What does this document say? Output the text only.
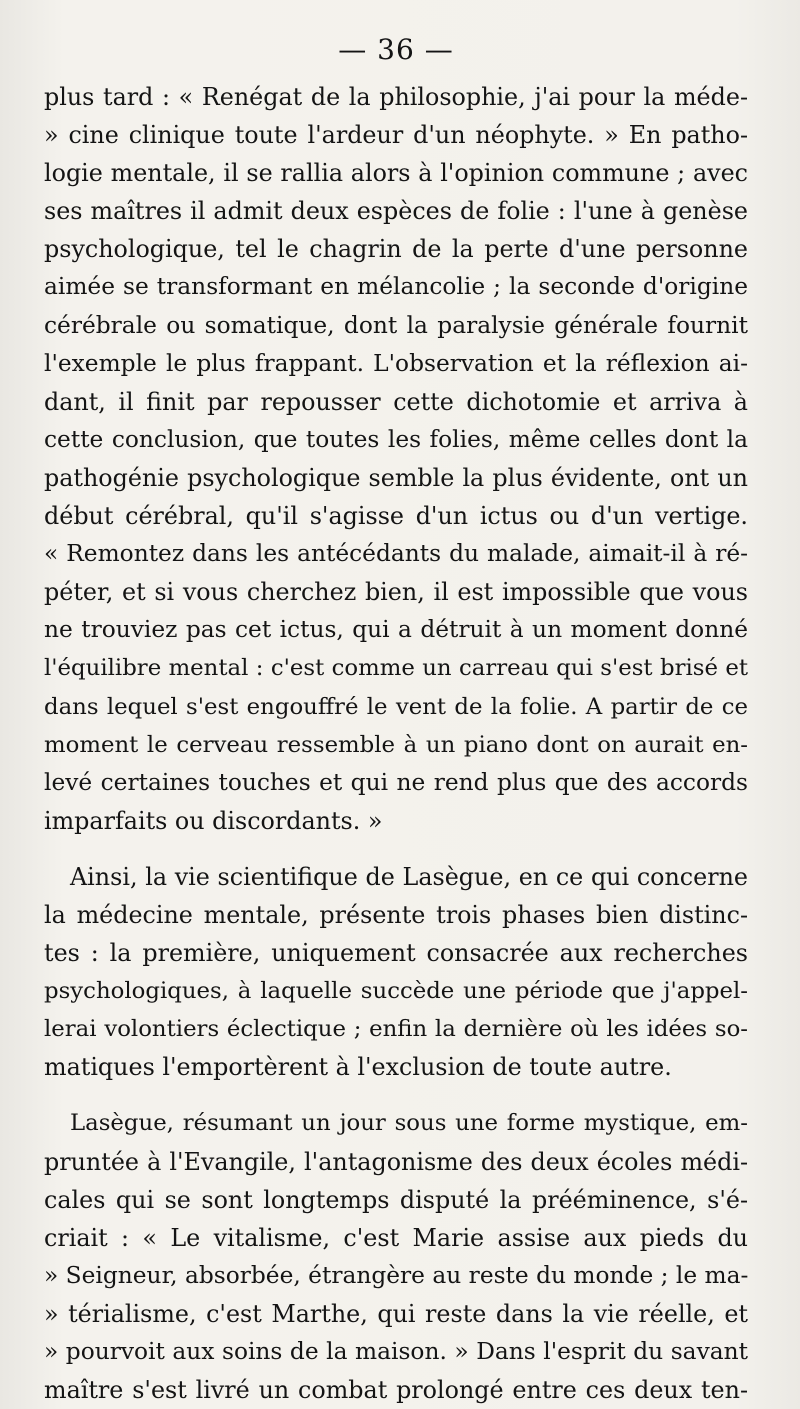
— 36 —
plus tard : « Renégat de la philosophie, j'ai pour la méde-
» cine clinique toute l'ardeur d'un néophyte. » En patho-
logie mentale, il se rallia alors à l'opinion commune ; avec
ses maîtres il admit deux espèces de folie : l'une à genèse
psychologique, tel le chagrin de la perte d'une personne
aimée se transformant en mélancolie ; la seconde d'origine
cérébrale ou somatique, dont la paralysie générale fournit
l'exemple le plus frappant. L'observation et la réflexion ai-
dant, il finit par repousser cette dichotomie et arriva à
cette conclusion, que toutes les folies, même celles dont la
pathogénie psychologique semble la plus évidente, ont un
début cérébral, qu'il s'agisse d'un ictus ou d'un vertige.
« Remontez dans les antécédants du malade, aimait-il à ré-
péter, et si vous cherchez bien, il est impossible que vous
ne trouviez pas cet ictus, qui a détruit à un moment donné
l'équilibre mental : c'est comme un carreau qui s'est brisé et
dans lequel s'est engouffré le vent de la folie. A partir de ce
moment le cerveau ressemble à un piano dont on aurait en-
levé certaines touches et qui ne rend plus que des accords
imparfaits ou discordants. »
Ainsi, la vie scientifique de Lasègue, en ce qui concerne
la médecine mentale, présente trois phases bien distinc-
tes : la première, uniquement consacrée aux recherches
psychologiques, à laquelle succède une période que j'appel-
lerai volontiers éclectique ; enfin la dernière où les idées so-
matiques l'emportèrent à l'exclusion de toute autre.
Lasègue, résumant un jour sous une forme mystique, em-
pruntée à l'Evangile, l'antagonisme des deux écoles médi-
cales qui se sont longtemps disputé la prééminence, s'é-
criait : « Le vitalisme, c'est Marie assise aux pieds du
» Seigneur, absorbée, étrangère au reste du monde ; le ma-
» térialisme, c'est Marthe, qui reste dans la vie réelle, et
» pourvoit aux soins de la maison. » Dans l'esprit du savant
maître s'est livré un combat prolongé entre ces deux ten-
